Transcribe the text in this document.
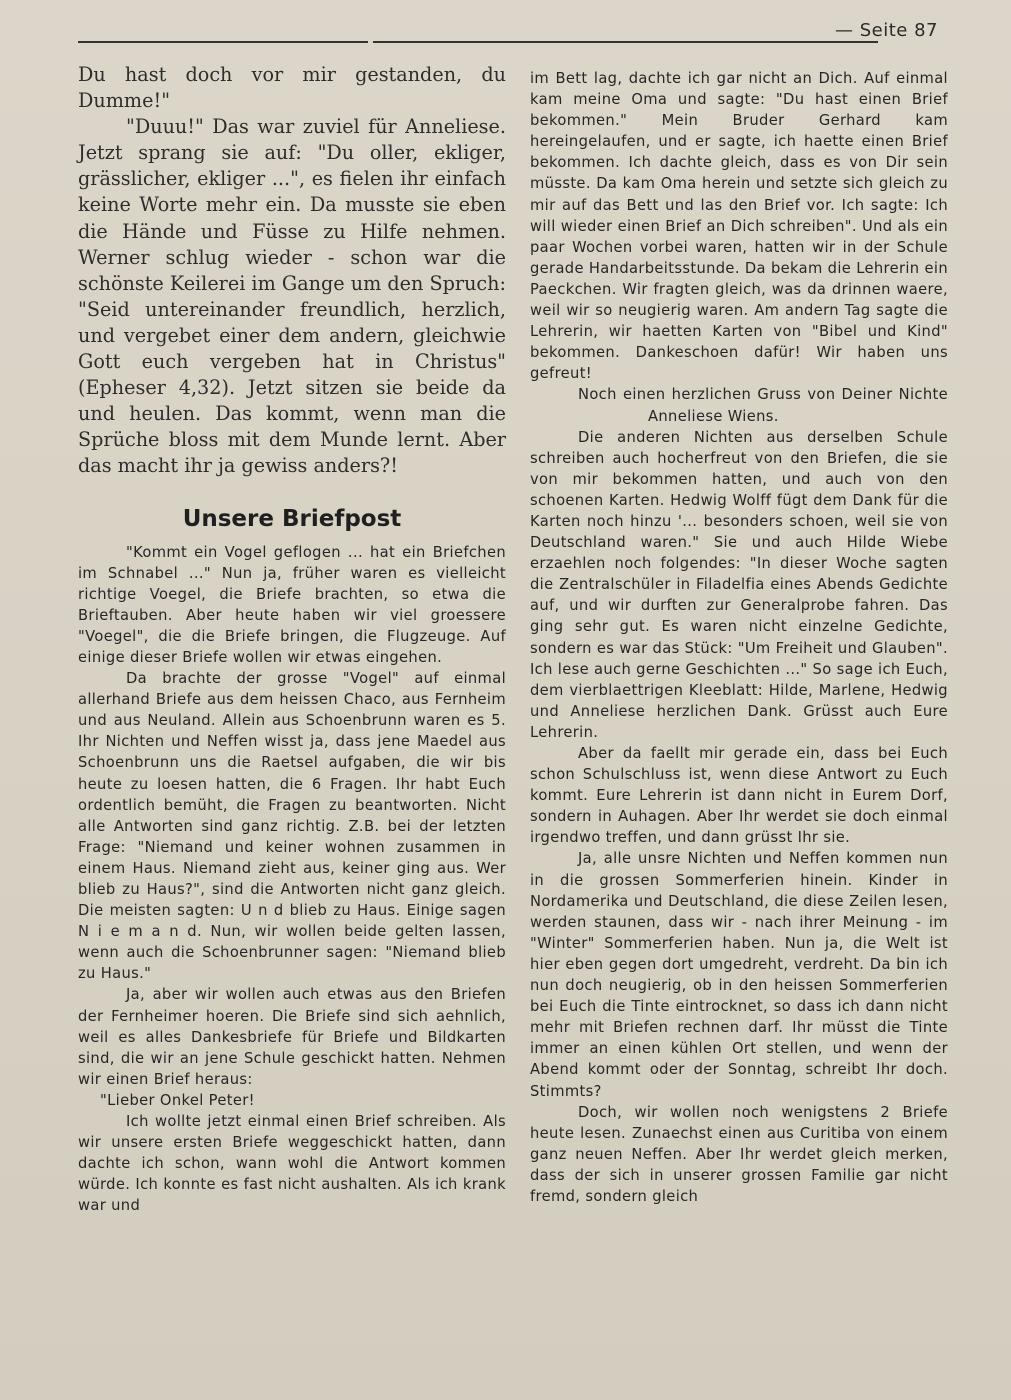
— Seite 87

Du hast doch vor mir gestanden, du Dumme!"

"Duuu!" Das war zuviel für Anneliese. Jetzt sprang sie auf: "Du oller, ekliger, grässlicher, ekliger ...", es fielen ihr einfach keine Worte mehr ein. Da musste sie eben die Hände und Füsse zu Hilfe nehmen. Werner schlug wieder - schon war die schönste Keilerei im Gange um den Spruch: "Seid untereinander freundlich, herzlich, und vergebet einer dem andern, gleichwie Gott euch vergeben hat in Christus" (Epheser 4,32). Jetzt sitzen sie beide da und heulen. Das kommt, wenn man die Sprüche bloss mit dem Munde lernt. Aber das macht ihr ja gewiss anders?!

Unsere Briefpost

"Kommt ein Vogel geflogen ... hat ein Briefchen im Schnabel ..." Nun ja, früher waren es vielleicht richtige Voegel, die Briefe brachten, so etwa die Brieftauben. Aber heute haben wir viel groessere "Voegel", die die Briefe bringen, die Flugzeuge. Auf einige dieser Briefe wollen wir etwas eingehen.

Da brachte der grosse "Vogel" auf einmal allerhand Briefe aus dem heissen Chaco, aus Fernheim und aus Neuland. Allein aus Schoenbrunn waren es 5. Ihr Nichten und Neffen wisst ja, dass jene Maedel aus Schoenbrunn uns die Raetsel aufgaben, die wir bis heute zu loesen hatten, die 6 Fragen. Ihr habt Euch ordentlich bemüht, die Fragen zu beantworten. Nicht alle Antworten sind ganz richtig. Z.B. bei der letzten Frage: "Niemand und keiner wohnen zusammen in einem Haus. Niemand zieht aus, keiner ging aus. Wer blieb zu Haus?", sind die Antworten nicht ganz gleich. Die meisten sagten: U n d blieb zu Haus. Einige sagen N i e m a n d. Nun, wir wollen beide gelten lassen, wenn auch die Schoenbrunner sagen: "Niemand blieb zu Haus."

Ja, aber wir wollen auch etwas aus den Briefen der Fernheimer hoeren. Die Briefe sind sich aehnlich, weil es alles Dankesbriefe für Briefe und Bildkarten sind, die wir an jene Schule geschickt hatten. Nehmen wir einen Brief heraus:

"Lieber Onkel Peter!

Ich wollte jetzt einmal einen Brief schreiben. Als wir unsere ersten Briefe weggeschickt hatten, dann dachte ich schon, wann wohl die Antwort kommen würde. Ich konnte es fast nicht aushalten. Als ich krank war und

im Bett lag, dachte ich gar nicht an Dich. Auf einmal kam meine Oma und sagte: "Du hast einen Brief bekommen." Mein Bruder Gerhard kam hereingelaufen, und er sagte, ich haette einen Brief bekommen. Ich dachte gleich, dass es von Dir sein müsste. Da kam Oma herein und setzte sich gleich zu mir auf das Bett und las den Brief vor. Ich sagte: Ich will wieder einen Brief an Dich schreiben". Und als ein paar Wochen vorbei waren, hatten wir in der Schule gerade Handarbeitsstunde. Da bekam die Lehrerin ein Paeckchen. Wir fragten gleich, was da drinnen waere, weil wir so neugierig waren. Am andern Tag sagte die Lehrerin, wir haetten Karten von "Bibel und Kind" bekommen. Dankeschoen dafür! Wir haben uns gefreut!

Noch einen herzlichen Gruss von Deiner Nichte Anneliese Wiens.

Die anderen Nichten aus derselben Schule schreiben auch hocherfreut von den Briefen, die sie von mir bekommen hatten, und auch von den schoenen Karten. Hedwig Wolff fügt dem Dank für die Karten noch hinzu '... besonders schoen, weil sie von Deutschland waren." Sie und auch Hilde Wiebe erzaehlen noch folgendes: "In dieser Woche sagten die Zentralschüler in Filadelfia eines Abends Gedichte auf, und wir durften zur Generalprobe fahren. Das ging sehr gut. Es waren nicht einzelne Gedichte, sondern es war das Stück: "Um Freiheit und Glauben". Ich lese auch gerne Geschichten ..." So sage ich Euch, dem vierblaettrigen Kleeblatt: Hilde, Marlene, Hedwig und Anneliese herzlichen Dank. Grüsst auch Eure Lehrerin.

Aber da faellt mir gerade ein, dass bei Euch schon Schulschluss ist, wenn diese Antwort zu Euch kommt. Eure Lehrerin ist dann nicht in Eurem Dorf, sondern in Auhagen. Aber Ihr werdet sie doch einmal irgendwo treffen, und dann grüsst Ihr sie.

Ja, alle unsre Nichten und Neffen kommen nun in die grossen Sommerferien hinein. Kinder in Nordamerika und Deutschland, die diese Zeilen lesen, werden staunen, dass wir - nach ihrer Meinung - im "Winter" Sommerferien haben. Nun ja, die Welt ist hier eben gegen dort umgedreht, verdreht. Da bin ich nun doch neugierig, ob in den heissen Sommerferien bei Euch die Tinte eintrocknet, so dass ich dann nicht mehr mit Briefen rechnen darf. Ihr müsst die Tinte immer an einen kühlen Ort stellen, und wenn der Abend kommt oder der Sonntag, schreibt Ihr doch. Stimmts?

Doch, wir wollen noch wenigstens 2 Briefe heute lesen. Zunaechst einen aus Curitiba von einem ganz neuen Neffen. Aber Ihr werdet gleich merken, dass der sich in unserer grossen Familie gar nicht fremd, sondern gleich
